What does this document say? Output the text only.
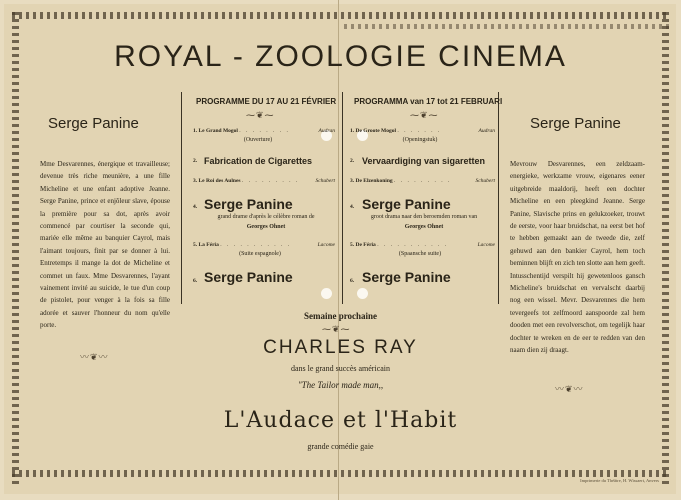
ROYAL - ZOOLOGIE CINEMA
Serge Panine
Mme Desvarennes, énergique et travailleuse; devenue très riche meunière, a une fille Micheline et une enfant adoptive Jeanne. Serge Panine, prince et enjôleur slave, épouse la première pour sa dot, après avoir commencé par courtiser la seconde qui, mariée elle même au banquier Cayrol, mais l'aimant toujours, finit par se donner à lui. Entretemps il mange la dot de Micheline et commet un faux. Mme Desvarennes, l'ayant vainement invité au suicide, le tue d'un coup de pistolet, pour venger à la fois sa fille adorée et sauver l'honneur du nom qu'elle porte.
〰❦〰
Serge Panine
Mevrouw Desvarennes, een zeldzaam-energieke, werkzame vrouw, eigenares eener uitgebreide maaldorij, heeft een dochter Micheline en een pleegkind Jeanne. Serge Panine, Slavische prins en gelukzoeker, trouwt de eerste, voor haar bruidschat, na eerst bet hof te hebben gemaakt aan de tweede die, zelf gehuwd aan den bankier Cayrol, hem toch beminnen blijft en zich ten slotte aan hem geeft. Intusschentijd verspilt hij gewetenloos gansch Micheline's bruidschat en vervalscht daarbij nog een wissel. Mevr. Desvarennes die hem tevergeefs tot zelfmoord aanspoorde zal hem dooden met een revolverschot, om tegelijk haar dochter te wreken en de eer te redden van den naam dien zij draagt.
〰❦〰
PROGRAMME DU 17 AU 21 FÉVRIER
⁓❦⁓
1. Le Grand Mogol . . . . . . . .	Audran
(Ouverture)
2. Fabrication de Cigarettes
3. Le Roi des Aulnes . . . . . . . . .	Schubert
4. Serge Panine
grand drame d'après le célèbre roman de
Georges Ohnet
5. La Féria . . . . . . . . . . .	Lacome
(Suite espagnole)
6. Serge Panine
PROGRAMMA van 17 tot 21 FEBRUARI
⁓❦⁓
1. De Groote Mogol . . . . . . .	Audran
(Openingstuk)
2. Vervaardiging van sigaretten
3. De Elzenkoning . . . . . . . . .	Schubert
4. Serge Panine
groot drama naar den beroemden roman van
Georges Ohnet
5. De Féria . . . . . . . . . . .	Lacome
(Spaansche suite)
6. Serge Panine
Semaine prochaine
⁓❦⁓
CHARLES RAY
dans le grand succès américain
"The Tailor made man,,
L'Audace et l'Habit
grande comédie gaie
Imprimerie du Théâtre, H. Wissaert, Anvers
